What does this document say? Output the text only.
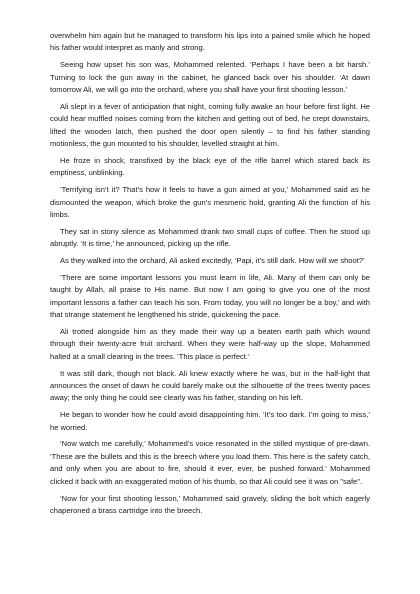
overwhelm him again but he managed to transform his lips into a pained smile which he hoped his father would interpret as manly and strong.

Seeing how upset his son was, Mohammed relented. ‘Perhaps I have been a bit harsh.’ Turning to lock the gun away in the cabinet, he glanced back over his shoulder. ‘At dawn tomorrow Ali, we will go into the orchard, where you shall have your first shooting lesson.’

Ali slept in a fever of anticipation that night, coming fully awake an hour before first light. He could hear muffled noises coming from the kitchen and getting out of bed, he crept downstairs, lifted the wooden latch, then pushed the door open silently – to find his father standing motionless, the gun mounted to his shoulder, levelled straight at him.

He froze in shock, transfixed by the black eye of the rifle barrel which stared back its emptiness, unblinking.

‘Terrifying isn’t it? That’s how it feels to have a gun aimed at you,’ Mohammed said as he dismounted the weapon, which broke the gun’s mesmeric hold, granting Ali the function of his limbs.

They sat in stony silence as Mohammed drank two small cups of coffee. Then he stood up abruptly. ‘It is time,’ he announced, picking up the rifle.

As they walked into the orchard, Ali asked excitedly, ‘Papi, it’s still dark. How will we shoot?’

‘There are some important lessons you must learn in life, Ali. Many of them can only be taught by Allah, all praise to His name. But now I am going to give you one of the most important lessons a father can teach his son. From today, you will no longer be a boy,’ and with that strange statement he lengthened his stride, quickening the pace.

Ali trotted alongside him as they made their way up a beaten earth path which wound through their twenty-acre fruit orchard. When they were half-way up the slope, Mohammed halted at a small clearing in the trees. ‘This place is perfect.’

It was still dark, though not black. Ali knew exactly where he was, but in the half-light that announces the onset of dawn he could barely make out the silhouette of the trees twenty paces away; the only thing he could see clearly was his father, standing on his left.

He began to wonder how he could avoid disappointing him. ‘It’s too dark. I’m going to miss,’ he worried.

‘Now watch me carefully,’ Mohammed’s voice resonated in the stilled mystique of pre-dawn. ‘These are the bullets and this is the breech where you load them. This here is the safety catch, and only when you are about to fire, should it ever, ever, be pushed forward.’ Mohammed clicked it back with an exaggerated motion of his thumb, so that Ali could see it was on "safe".

‘Now for your first shooting lesson,’ Mohammed said gravely, sliding the bolt which eagerly chaperoned a brass cartridge into the breech.
